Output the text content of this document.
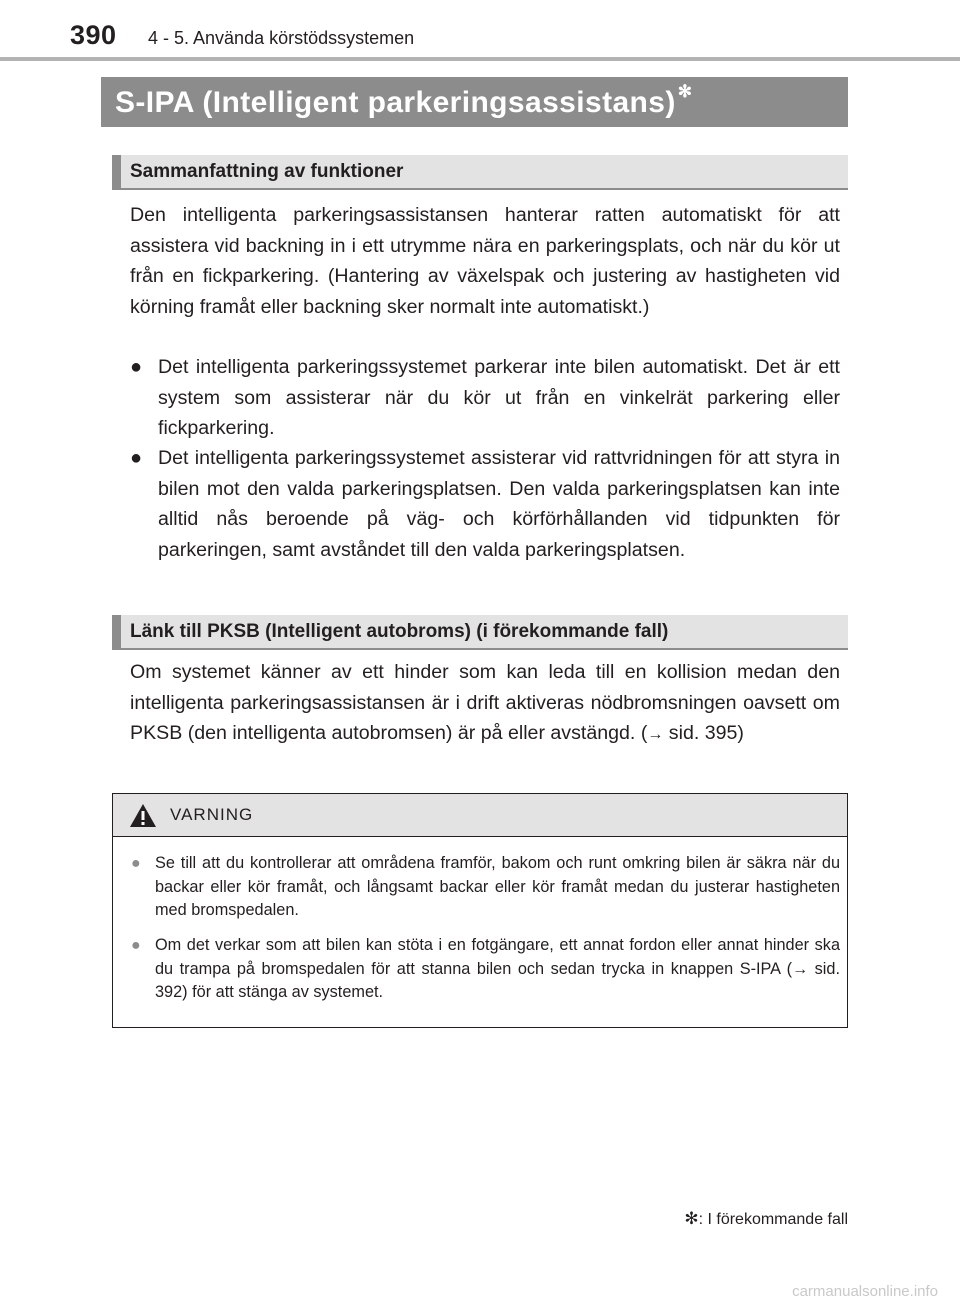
390 4 - 5. Använda körstödssystemen
S-IPA (Intelligent parkeringsassistans) ✻
Sammanfattning av funktioner
Den intelligenta parkeringsassistansen hanterar ratten automatiskt för att assistera vid backning in i ett utrymme nära en parkeringsplats, och när du kör ut från en fickparkering. (Hantering av växelspak och justering av hastigheten vid körning framåt eller backning sker normalt inte automatiskt.)
● Det intelligenta parkeringssystemet parkerar inte bilen automatiskt. Det är ett system som assisterar när du kör ut från en vinkelrät parkering eller fickparkering.
● Det intelligenta parkeringssystemet assisterar vid rattvridningen för att styra in bilen mot den valda parkeringsplatsen. Den valda parkeringsplatsen kan inte alltid nås beroende på väg- och körförhållanden vid tidpunkten för parkeringen, samt avståndet till den valda parkeringsplatsen.
Länk till PKSB (Intelligent autobroms) (i förekommande fall)
Om systemet känner av ett hinder som kan leda till en kollision medan den intelligenta parkeringsassistansen är i drift aktiveras nödbromsningen oavsett om PKSB (den intelligenta autobromsen) är på eller avstängd. (→ sid. 395)
VARNING
● Se till att du kontrollerar att områdena framför, bakom och runt omkring bilen är säkra när du backar eller kör framåt, och långsamt backar eller kör framåt medan du justerar hastigheten med bromspedalen.
● Om det verkar som att bilen kan stöta i en fotgängare, ett annat fordon eller annat hinder ska du trampa på bromspedalen för att stanna bilen och sedan trycka in knappen S-IPA (→ sid. 392) för att stänga av systemet.
✻: I förekommande fall
carmanualsonline.info
